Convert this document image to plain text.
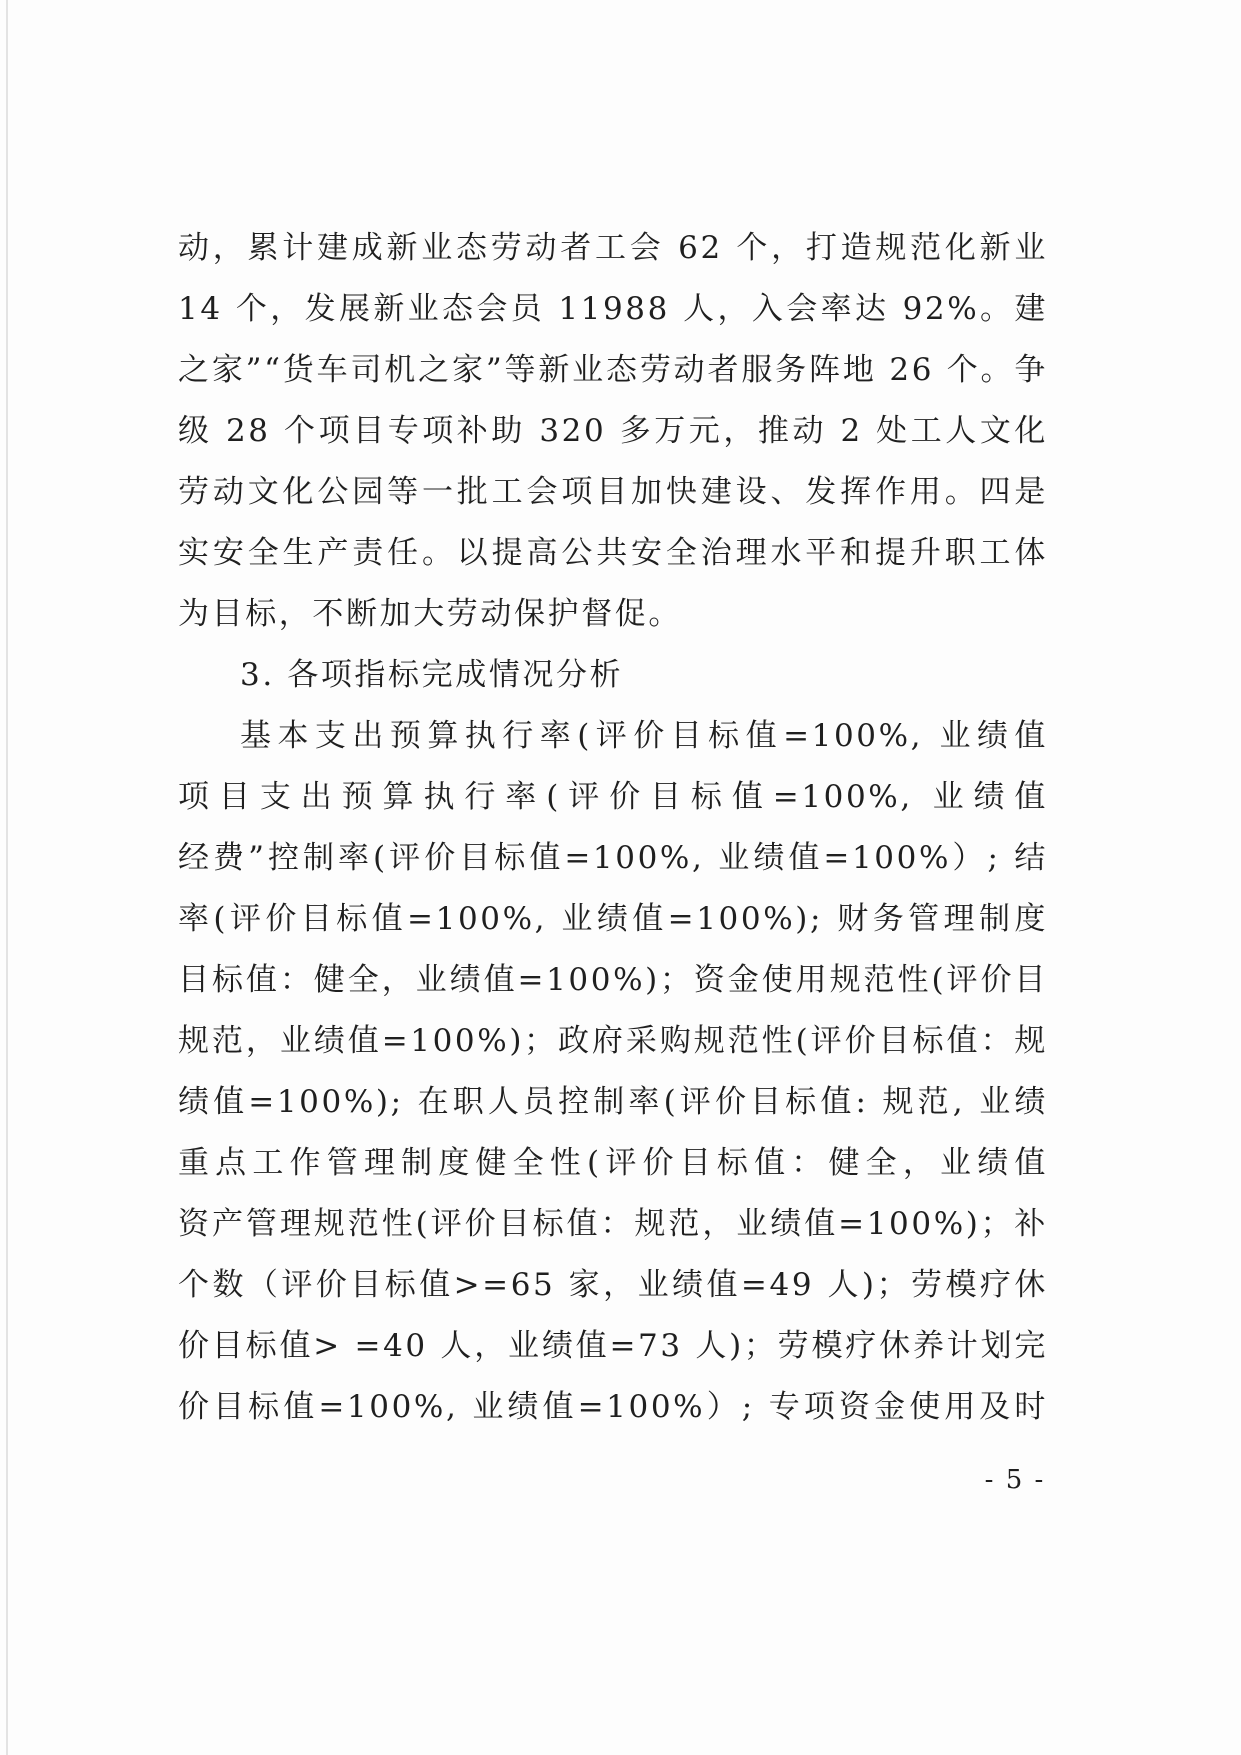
动，累计建成新业态劳动者工会 62 个，打造规范化新业
14 个，发展新业态会员 11988 人，入会率达 92%。建
之家”“货车司机之家”等新业态劳动者服务阵地 26 个。争
级 28 个项目专项补助 320 多万元，推动 2 处工人文化
劳动文化公园等一批工会项目加快建设、发挥作用。四是
实安全生产责任。以提高公共安全治理水平和提升职工体
为目标，不断加大劳动保护督促。
3. 各项指标完成情况分析
基本支出预算执行率(评价目标值=100%, 业绩值
项目支出预算执行率(评价目标值=100%, 业绩值
经费”控制率(评价目标值=100%, 业绩值=100%）; 结
率(评价目标值=100%, 业绩值=100%); 财务管理制度
目标值：健全，业绩值=100%)；资金使用规范性(评价目
规范，业绩值=100%)；政府采购规范性(评价目标值：规
绩值=100%); 在职人员控制率(评价目标值: 规范, 业绩
重点工作管理制度健全性(评价目标值：健全，业绩值
资产管理规范性(评价目标值：规范，业绩值=100%)；补
个数（评价目标值>=65 家，业绩值=49 人)；劳模疗休
价目标值> =40 人，业绩值=73 人)；劳模疗休养计划完
价目标值=100%, 业绩值=100%）; 专项资金使用及时
- 5 -
